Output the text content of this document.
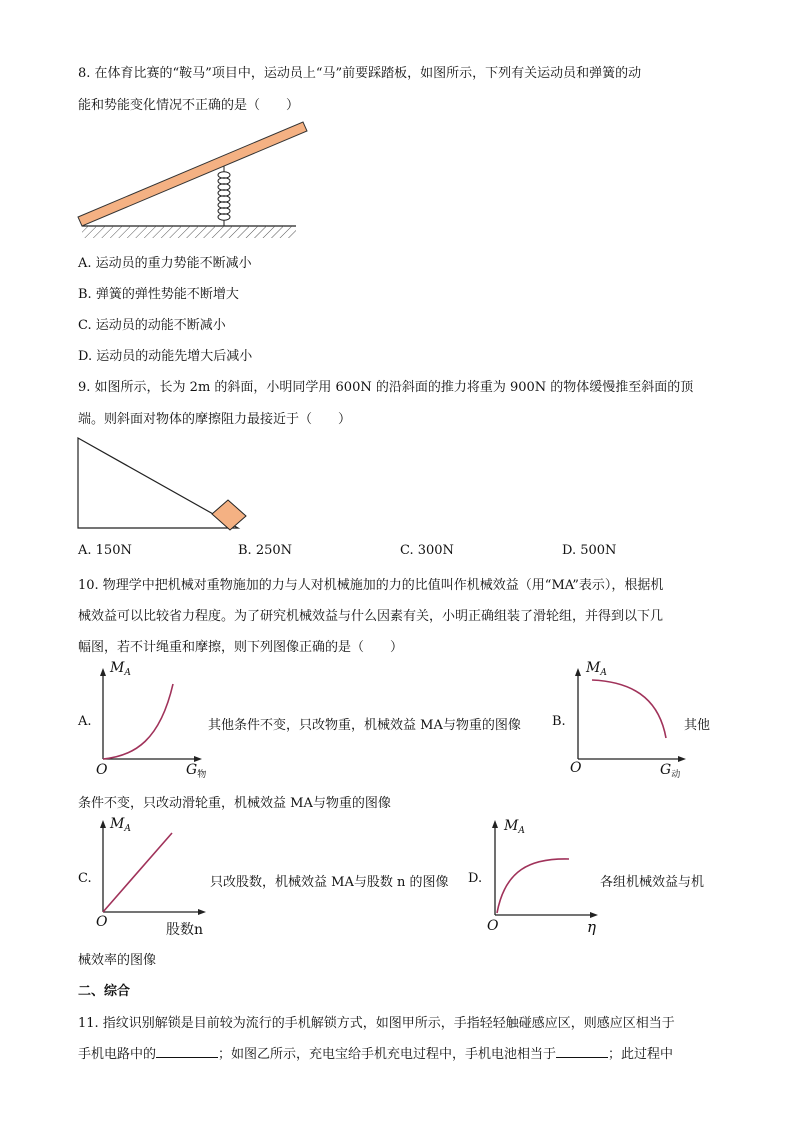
8. 在体育比赛的“鞍马”项目中，运动员上“马”前要踩踏板，如图所示，下列有关运动员和弹簧的动
能和势能变化情况不正确的是（　　）
A. 运动员的重力势能不断减小
B. 弹簧的弹性势能不断增大
C. 运动员的动能不断减小
D. 运动员的动能先增大后减小
9. 如图所示，长为 2m 的斜面，小明同学用 600N 的沿斜面的推力将重为 900N 的物体缓慢推至斜面的顶
端。则斜面对物体的摩擦阻力最接近于（　　）
A. 150N	B. 250N	C. 300N	D. 500N
10. 物理学中把机械对重物施加的力与人对机械施加的力的比值叫作机械效益（用“MA”表示），根据机
械效益可以比较省力程度。为了研究机械效益与什么因素有关，小明正确组装了滑轮组，并得到以下几
幅图，若不计绳重和摩擦，则下列图像正确的是（　　）
$M_A$
O	$G_物$
A.	其他条件不变，只改物重，机械效益 MA与物重的图像 B.
$M_A$
O	$G_动$
其他
条件不变，只改动滑轮重，机械效益 MA与物重的图像
$M_A$
O	股数n
C.	只改股数，机械效益 MA与股数 n 的图像 D.
$M_A$
O	η
各组机械效益与机
械效率的图像
二、综合
11. 指纹识别解锁是目前较为流行的手机解锁方式，如图甲所示，手指轻轻触碰感应区，则感应区相当于
手机电路中的	；如图乙所示，充电宝给手机充电过程中，手机电池相当于	；此过程中
